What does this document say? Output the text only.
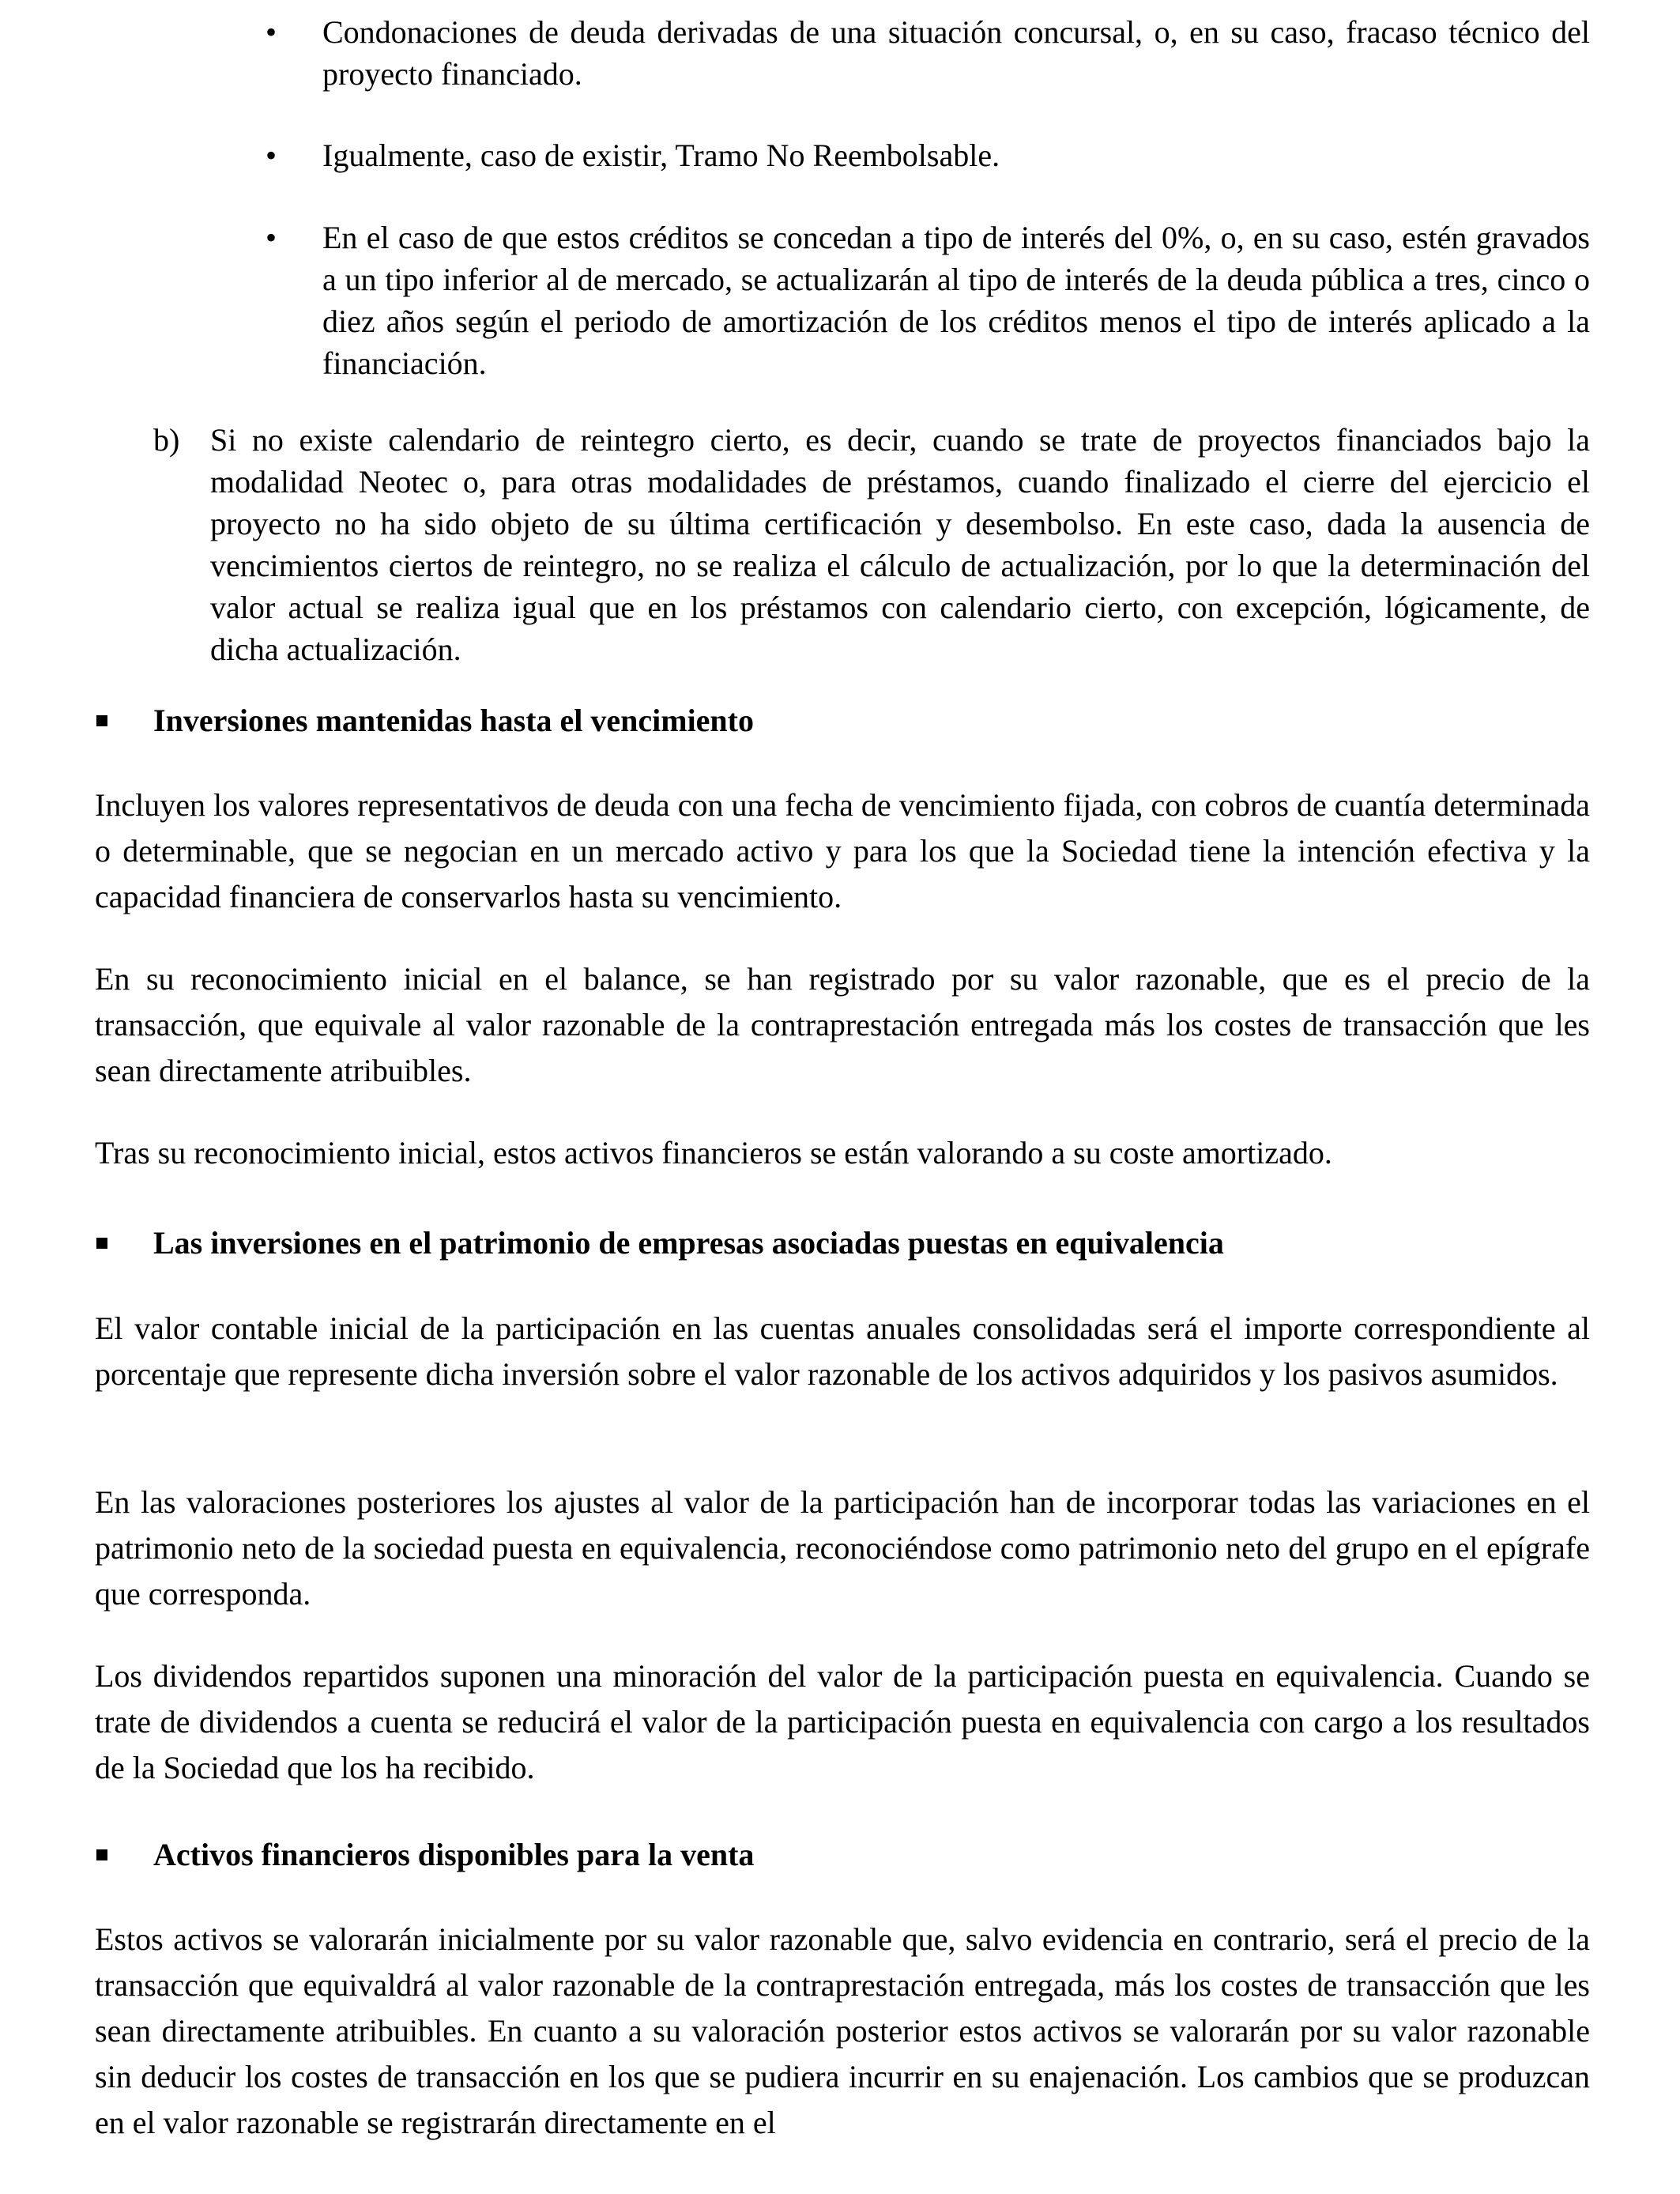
• Condonaciones de deuda derivadas de una situación concursal, o, en su caso, fracaso técnico del proyecto financiado.

• Igualmente, caso de existir, Tramo No Reembolsable.

• En el caso de que estos créditos se concedan a tipo de interés del 0%, o, en su caso, estén gravados a un tipo inferior al de mercado, se actualizarán al tipo de interés de la deuda pública a tres, cinco o diez años según el periodo de amortización de los créditos menos el tipo de interés aplicado a la financiación.

b) Si no existe calendario de reintegro cierto, es decir, cuando se trate de proyectos financiados bajo la modalidad Neotec o, para otras modalidades de préstamos, cuando finalizado el cierre del ejercicio el proyecto no ha sido objeto de su última certificación y desembolso. En este caso, dada la ausencia de vencimientos ciertos de reintegro, no se realiza el cálculo de actualización, por lo que la determinación del valor actual se realiza igual que en los préstamos con calendario cierto, con excepción, lógicamente, de dicha actualización.

Inversiones mantenidas hasta el vencimiento

Incluyen los valores representativos de deuda con una fecha de vencimiento fijada, con cobros de cuantía determinada o determinable, que se negocian en un mercado activo y para los que la Sociedad tiene la intención efectiva y la capacidad financiera de conservarlos hasta su vencimiento.

En su reconocimiento inicial en el balance, se han registrado por su valor razonable, que es el precio de la transacción, que equivale al valor razonable de la contraprestación entregada más los costes de transacción que les sean directamente atribuibles.

Tras su reconocimiento inicial, estos activos financieros se están valorando a su coste amortizado.

Las inversiones en el patrimonio de empresas asociadas puestas en equivalencia

El valor contable inicial de la participación en las cuentas anuales consolidadas será el importe correspondiente al porcentaje que represente dicha inversión sobre el valor razonable de los activos adquiridos y los pasivos asumidos.

En las valoraciones posteriores los ajustes al valor de la participación han de incorporar todas las variaciones en el patrimonio neto de la sociedad puesta en equivalencia, reconociéndose como patrimonio neto del grupo en el epígrafe que corresponda.

Los dividendos repartidos suponen una minoración del valor de la participación puesta en equivalencia. Cuando se trate de dividendos a cuenta se reducirá el valor de la participación puesta en equivalencia con cargo a los resultados de la Sociedad que los ha recibido.

Activos financieros disponibles para la venta

Estos activos se valorarán inicialmente por su valor razonable que, salvo evidencia en contrario, será el precio de la transacción que equivaldrá al valor razonable de la contraprestación entregada, más los costes de transacción que les sean directamente atribuibles. En cuanto a su valoración posterior estos activos se valorarán por su valor razonable sin deducir los costes de transacción en los que se pudiera incurrir en su enajenación. Los cambios que se produzcan en el valor razonable se registrarán directamente en el
